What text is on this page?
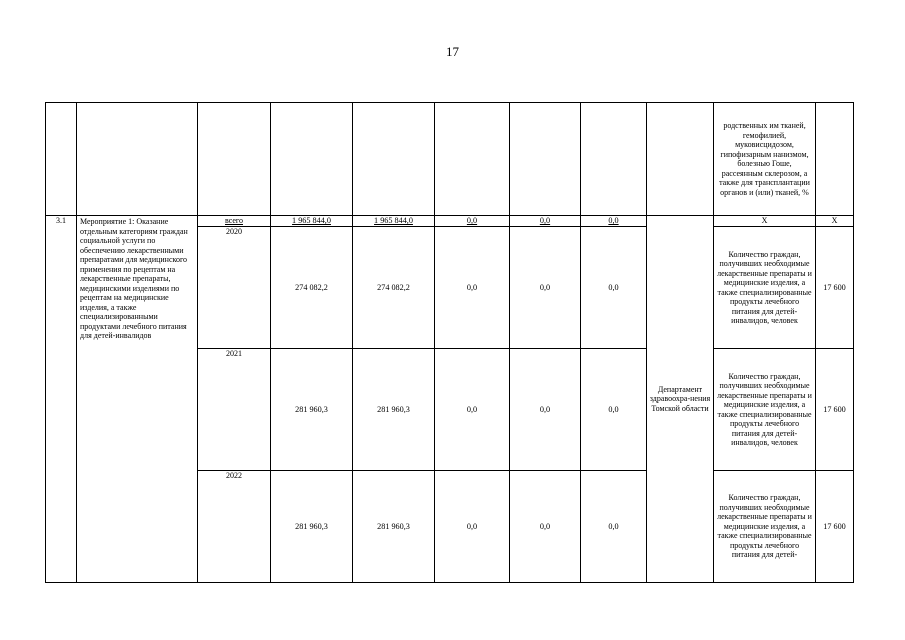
17
									родственных им тканей, гемофилией, муковисцидозом, гипофизарным нанизмом, болезнью Гоше, рассеянным склерозом, а также для трансплантации органов и (или) тканей, %	
3.1	Мероприятие 1: Оказание отдельным категориям граждан социальной услуги по обеспечению лекарственными препаратами для медицинского применения по рецептам на лекарственные препараты, медицинскими изделиями по рецептам на медицинские изделия, а также специализированными продуктами лечебного питания для детей-инвалидов	всего	1 965 844,0	1 965 844,0	0,0	0,0	0,0	Департамент здравоохра-нения Томской области	Х	Х
		2020	274 082,2	274 082,2	0,0	0,0	0,0		Количество граждан, получивших необходимые лекарственные препараты и медицинские изделия, а также специализированные продукты лечебного питания для детей-инвалидов, человек	17 600
		2021	281 960,3	281 960,3	0,0	0,0	0,0		Количество граждан, получивших необходимые лекарственные препараты и медицинские изделия, а также специализированные продукты лечебного питания для детей-инвалидов, человек	17 600
		2022	281 960,3	281 960,3	0,0	0,0	0,0		Количество граждан, получивших необходимые лекарственные препараты и медицинские изделия, а также специализированные продукты лечебного питания для детей-	17 600
